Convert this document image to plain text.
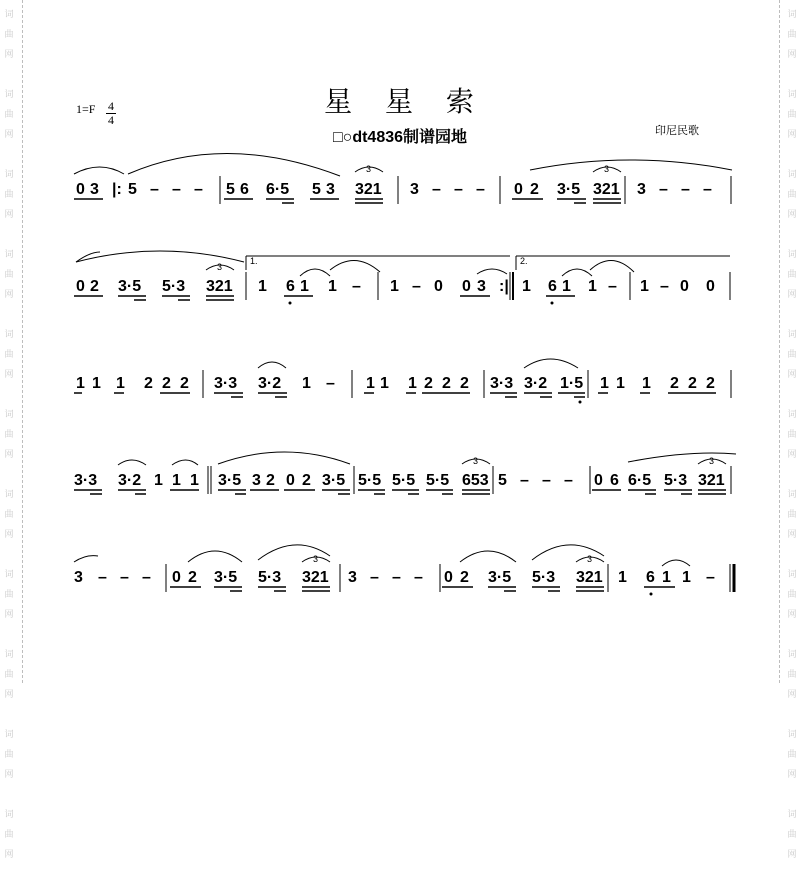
词
曲
网

词
曲
网

词
曲
网

词
曲
网

词
曲
网

词
曲
网

词
曲
网

词
曲
网

词
曲
网

词
曲
网

词
曲
网

词
曲
网

词
曲
网

词
曲
网

词
曲
网

词
曲
网

词
曲
网

词
曲
网

词
曲
网

词
曲
网

词
曲
网

词
曲
网

星 星 索
□○dt4836制谱园地
1=F	4
4
印尼民歌
0 3 |: 5 – – – 5 6 6·5 5 3 321
3
3 – – – 0 2 3·5 321
3
3 – – –
0 2 3·5 5·3 321
3
1.
1 6 1 1 – 1 – 0 0 3 :|
2.
1 6 1 1 – 1 – 0 0
1 1 1 2 2 2 3·3 3·2 1 – 1 1 1 2 2 2 3·3 3·2 1·5 1 1 1 2 2 2
3·3 3·2 1 1 1 3·5 3 2 0 2 3·5 5·5 5·5 5·5 653
3
5 – – – 0 6 6·5 5·3 321
3
3 – – – 0 2 3·5 5·3 321
3
3 – – – 0 2 3·5 5·3 321
3
1 6 1 1 –
